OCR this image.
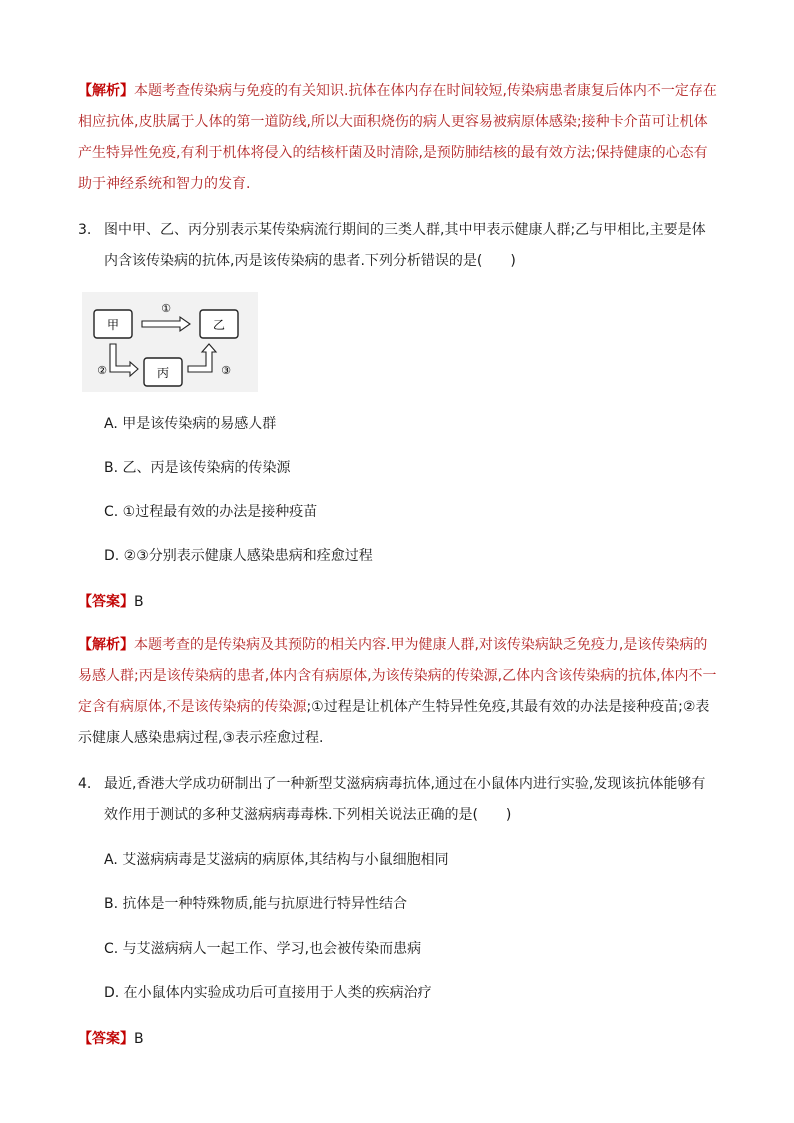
【解析】本题考查传染病与免疫的有关知识.抗体在体内存在时间较短,传染病患者康复后体内不一定存在相应抗体,皮肤属于人体的第一道防线,所以大面积烧伤的病人更容易被病原体感染;接种卡介苗可让机体产生特异性免疫,有利于机体将侵入的结核杆菌及时清除,是预防肺结核的最有效方法;保持健康的心态有助于神经系统和智力的发育.
3. 图中甲、乙、丙分别表示某传染病流行期间的三类人群,其中甲表示健康人群;乙与甲相比,主要是体内含该传染病的抗体,丙是该传染病的患者.下列分析错误的是(　　)
甲	乙
丙
①
②	③
A. 甲是该传染病的易感人群
B. 乙、丙是该传染病的传染源
C. ①过程最有效的办法是接种疫苗
D. ②③分别表示健康人感染患病和痊愈过程
【答案】B
【解析】本题考查的是传染病及其预防的相关内容.甲为健康人群,对该传染病缺乏免疫力,是该传染病的易感人群;丙是该传染病的患者,体内含有病原体,为该传染病的传染源,乙体内含该传染病的抗体,体内不一定含有病原体,不是该传染病的传染源;①过程是让机体产生特异性免疫,其最有效的办法是接种疫苗;②表示健康人感染患病过程,③表示痊愈过程.
4. 最近,香港大学成功研制出了一种新型艾滋病病毒抗体,通过在小鼠体内进行实验,发现该抗体能够有效作用于测试的多种艾滋病病毒毒株.下列相关说法正确的是(　　)
A. 艾滋病病毒是艾滋病的病原体,其结构与小鼠细胞相同
B. 抗体是一种特殊物质,能与抗原进行特异性结合
C. 与艾滋病病人一起工作、学习,也会被传染而患病
D. 在小鼠体内实验成功后可直接用于人类的疾病治疗
【答案】B
